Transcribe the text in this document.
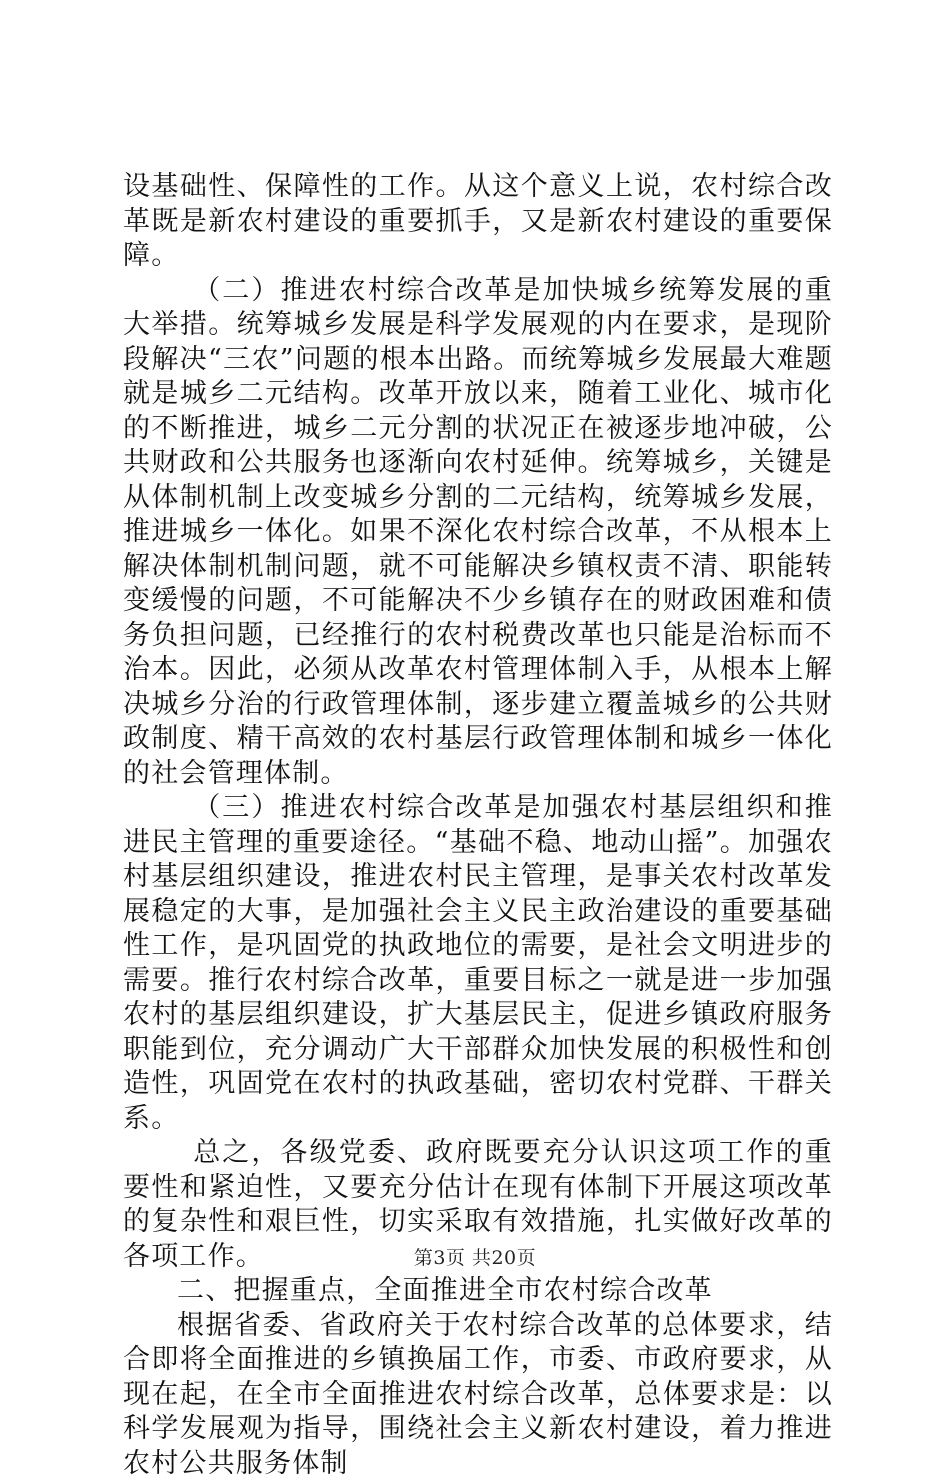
设基础性、保障性的工作。从这个意义上说，农村综合改革既是新农村建设的重要抓手，又是新农村建设的重要保障。

（二）推进农村综合改革是加快城乡统筹发展的重大举措。统筹城乡发展是科学发展观的内在要求，是现阶段解决“三农”问题的根本出路。而统筹城乡发展最大难题就是城乡二元结构。改革开放以来，随着工业化、城市化的不断推进，城乡二元分割的状况正在被逐步地冲破，公共财政和公共服务也逐渐向农村延伸。统筹城乡，关键是从体制机制上改变城乡分割的二元结构，统筹城乡发展，推进城乡一体化。如果不深化农村综合改革，不从根本上解决体制机制问题，就不可能解决乡镇权责不清、职能转变缓慢的问题，不可能解决不少乡镇存在的财政困难和债务负担问题，已经推行的农村税费改革也只能是治标而不治本。因此，必须从改革农村管理体制入手，从根本上解决城乡分治的行政管理体制，逐步建立覆盖城乡的公共财政制度、精干高效的农村基层行政管理体制和城乡一体化的社会管理体制。

（三）推进农村综合改革是加强农村基层组织和推进民主管理的重要途径。“基础不稳、地动山摇”。加强农村基层组织建设，推进农村民主管理，是事关农村改革发展稳定的大事，是加强社会主义民主政治建设的重要基础性工作，是巩固党的执政地位的需要，是社会文明进步的需要。推行农村综合改革，重要目标之一就是进一步加强农村的基层组织建设，扩大基层民主，促进乡镇政府服务职能到位，充分调动广大干部群众加快发展的积极性和创造性，巩固党在农村的执政基础，密切农村党群、干群关系。

总之，各级党委、政府既要充分认识这项工作的重要性和紧迫性，又要充分估计在现有体制下开展这项改革的复杂性和艰巨性，切实采取有效措施，扎实做好改革的各项工作。

二、把握重点，全面推进全市农村综合改革

根据省委、省政府关于农村综合改革的总体要求，结合即将全面推进的乡镇换届工作，市委、市政府要求，从现在起，在全市全面推进农村综合改革，总体要求是：以科学发展观为指导，围绕社会主义新农村建设，着力推进农村公共服务体制

第3页 共20页
